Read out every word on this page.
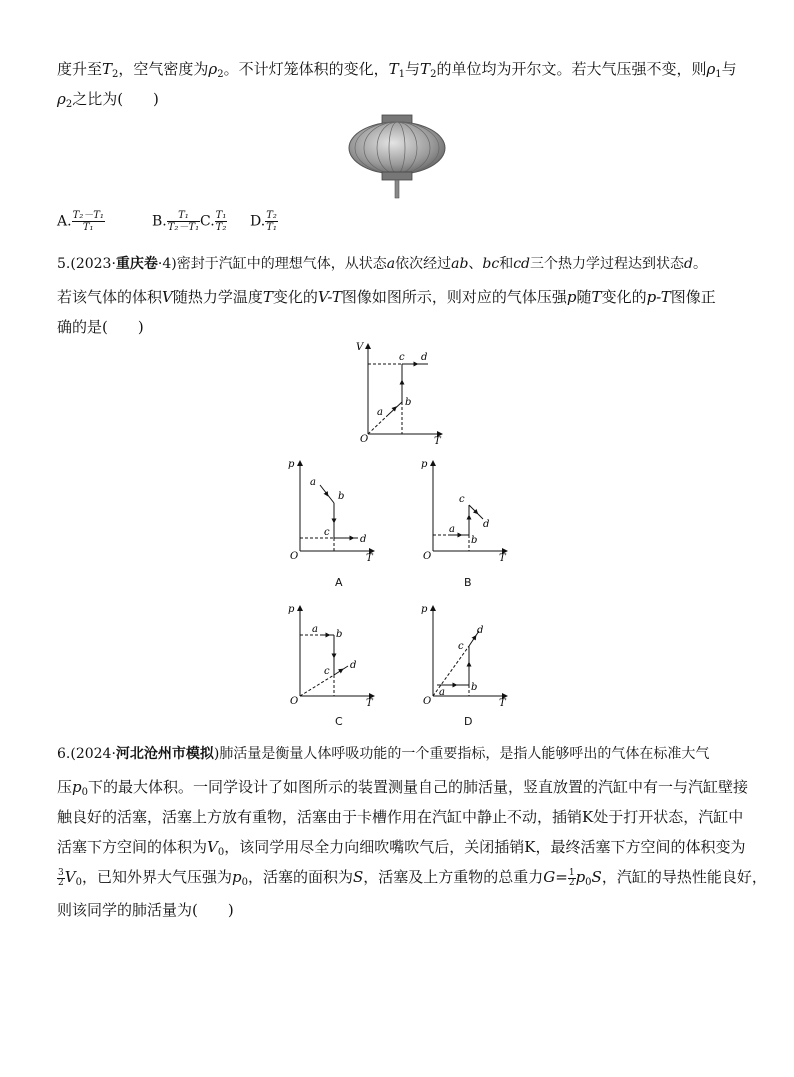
度升至$T_2$，空气密度为$\rho_2$。不计灯笼体积的变化，$T_1$与$T_2$的单位均为开尔文。若大气压强不变，则$\rho_1$与
$\rho_2$之比为(　　)
A. $\frac{\text{T₂－T₁}}{\text{T₁}}$	B. $\frac{\text{T₁}}{\text{T₂－T₁}} C$. $\frac{\text{T₁}}{\text{T₂}} D$. $\frac{\text{T₂}}{\text{T₁}}$
5.(2023·重庆卷·4)密封于汽缸中的理想气体，从状态a依次经过ab、bc和cd三个热力学过程达到状态d。
若该气体的体积V随热力学温度T变化的V-T图像如图所示，则对应的气体压强p随T变化的p-T图像正
确的是(　　)
V
T
O
a
b
c d
p
T
O
a
b
c
d
A
p
T
O
a
b
c
d
B
p
T
O
a b
c
d
C
p
T
O
a	b
c
d
D
6.(2024·河北沧州市模拟)肺活量是衡量人体呼吸功能的一个重要指标，是指人能够呼出的气体在标准大气
压$p_0$下的最大体积。一同学设计了如图所示的装置测量自己的肺活量，竖直放置的汽缸中有一与汽缸壁接
触良好的活塞，活塞上方放有重物，活塞由于卡槽作用在汽缸中静止不动，插销K处于打开状态，汽缸中
活塞下方空间的体积为$V_0$，该同学用尽全力向细吹嘴吹气后，关闭插销K，最终活塞下方空间的体积变为
$\frac{3}{2} V_0$，已知外界大气压强为$p_0$，活塞的面积为S，活塞及上方重物的总重力$G= \frac{1}{2} p_0S$，汽缸的导热性能良好，
则该同学的肺活量为(　　)
